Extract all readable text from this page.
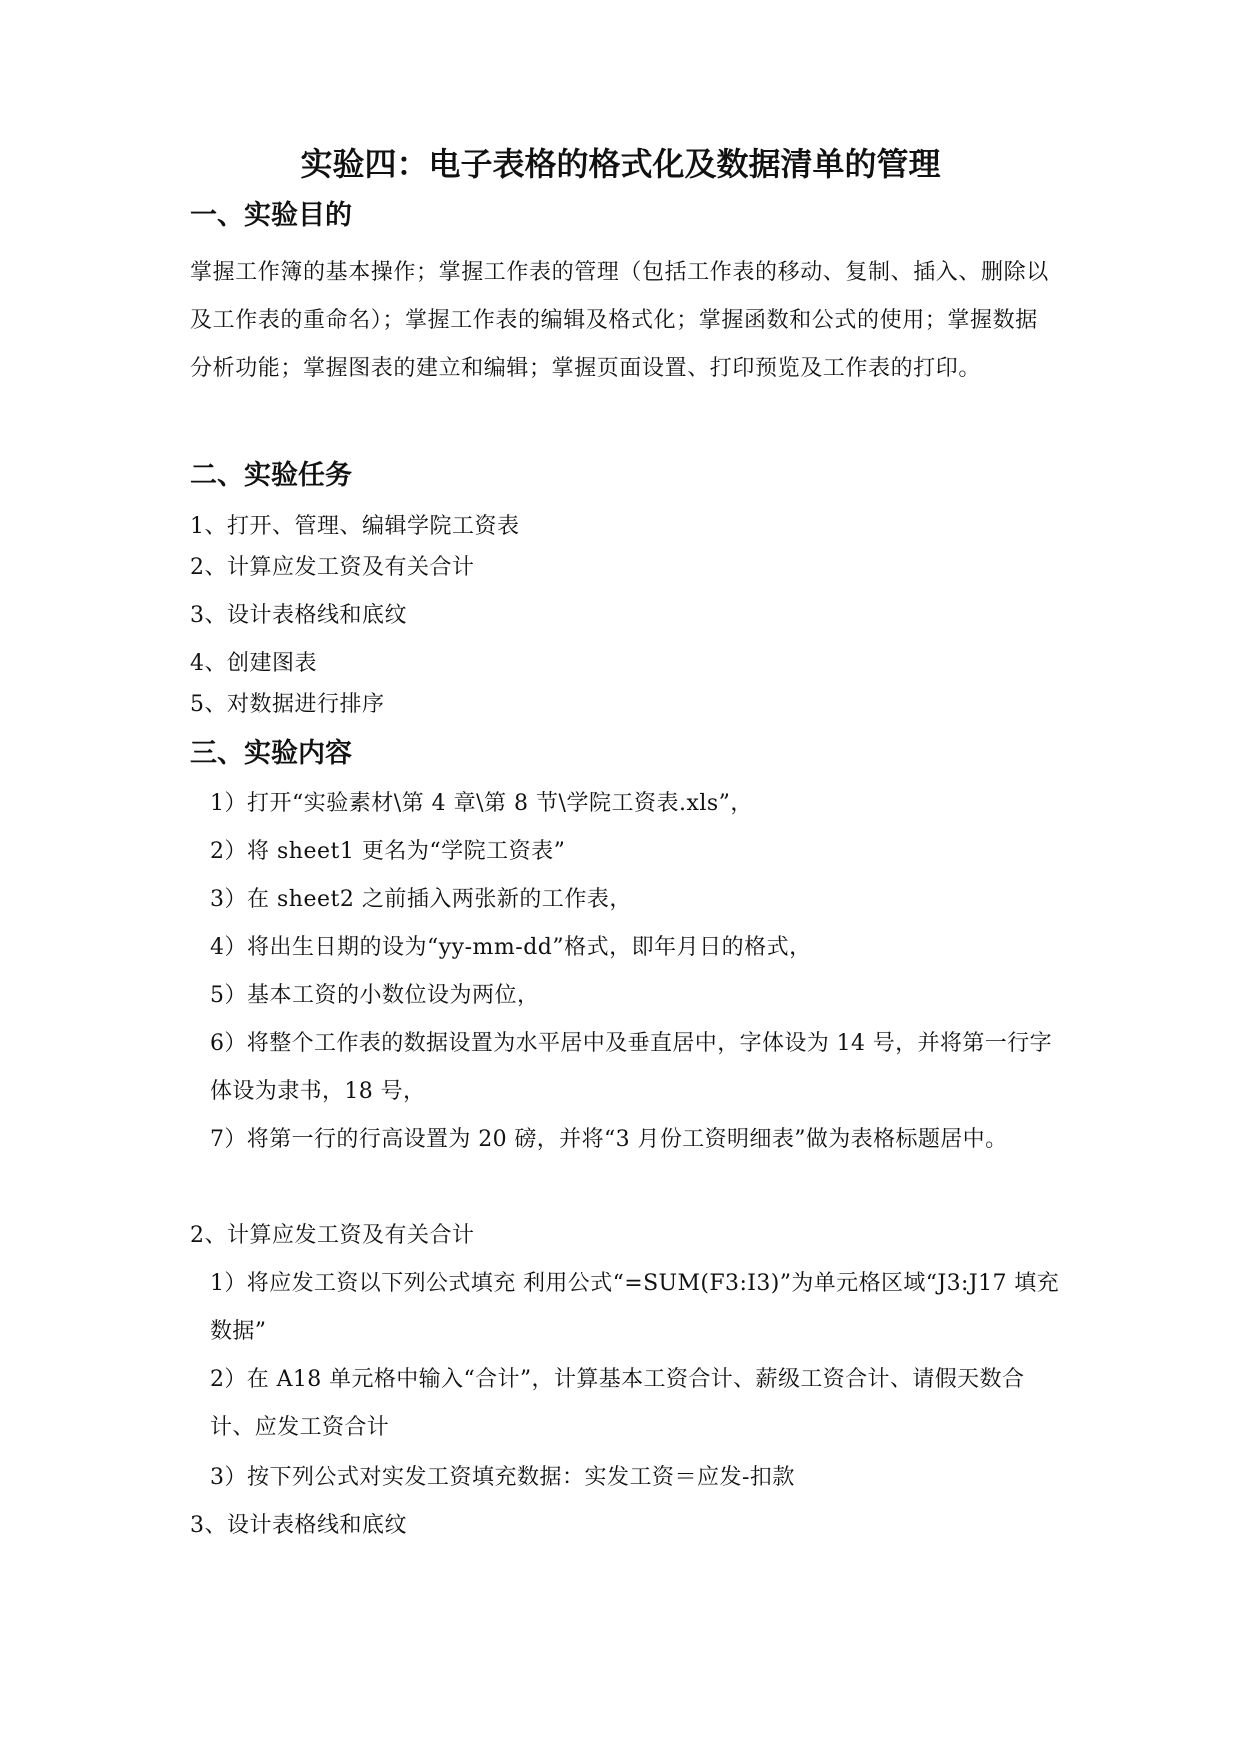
实验四：电子表格的格式化及数据清单的管理
一、实验目的

掌握工作簿的基本操作；掌握工作表的管理（包括工作表的移动、复制、插入、删除以及工作表的重命名）；掌握工作表的编辑及格式化；掌握函数和公式的使用；掌握数据分析功能；掌握图表的建立和编辑；掌握页面设置、打印预览及工作表的打印。

二、实验任务

1、打开、管理、编辑学院工资表

2、计算应发工资及有关合计

3、设计表格线和底纹

4、创建图表

5、对数据进行排序

三、实验内容

1）打开“实验素材\第 4 章\第 8 节\学院工资表.xls”，

2）将 sheet1 更名为“学院工资表”

3）在 sheet2 之前插入两张新的工作表，

4）将出生日期的设为“yy-mm-dd”格式，即年月日的格式，

5）基本工资的小数位设为两位，

6）将整个工作表的数据设置为水平居中及垂直居中，字体设为 14 号，并将第一行字体设为隶书，18 号，

7）将第一行的行高设置为 20 磅，并将“3 月份工资明细表”做为表格标题居中。

2、计算应发工资及有关合计

1）将应发工资以下列公式填充 利用公式“=SUM(F3:I3)”为单元格区域“J3:J17 填充数据”

2）在 A18 单元格中输入“合计”，计算基本工资合计、薪级工资合计、请假天数合计、应发工资合计

3）按下列公式对实发工资填充数据：实发工资＝应发-扣款

3、设计表格线和底纹
